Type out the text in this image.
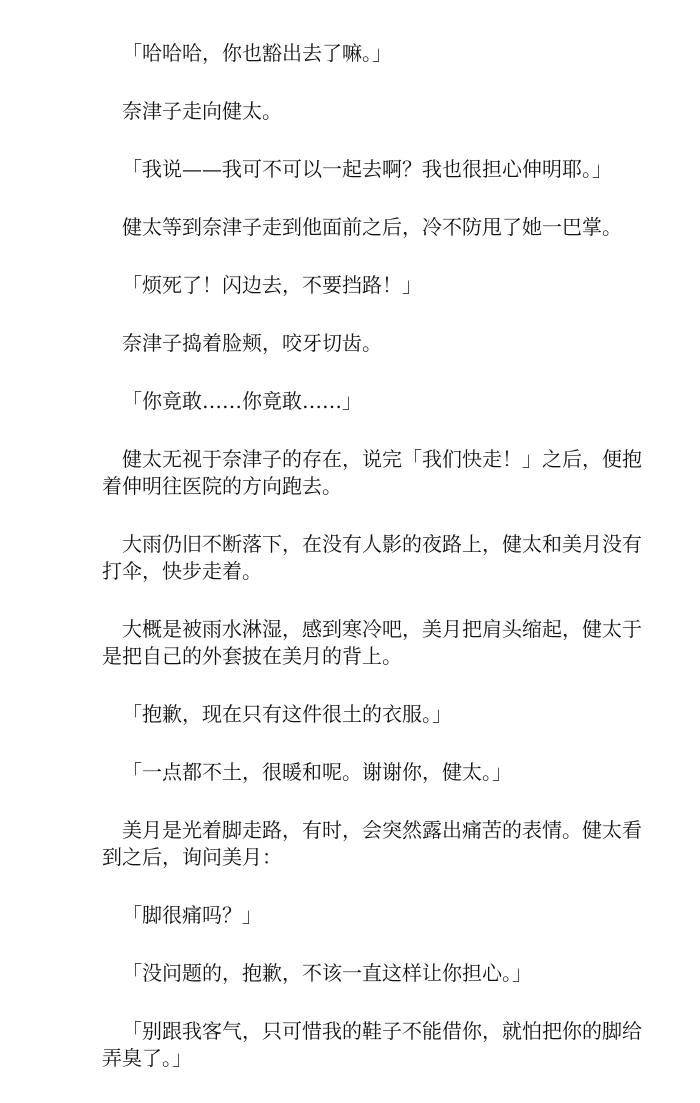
「哈哈哈，你也豁出去了嘛。」

奈津子走向健太。

「我说——我可不可以一起去啊？我也很担心伸明耶。」

健太等到奈津子走到他面前之后，冷不防甩了她一巴掌。

「烦死了！闪边去，不要挡路！」

奈津子捣着脸颊，咬牙切齿。

「你竟敢……你竟敢……」

健太无视于奈津子的存在，说完「我们快走！」之后，便抱着伸明往医院的方向跑去。

大雨仍旧不断落下，在没有人影的夜路上，健太和美月没有打伞，快步走着。

大概是被雨水淋湿，感到寒冷吧，美月把肩头缩起，健太于是把自己的外套披在美月的背上。

「抱歉，现在只有这件很土的衣服。」

「一点都不土，很暖和呢。谢谢你，健太。」

美月是光着脚走路，有时，会突然露出痛苦的表情。健太看到之后，询问美月：

「脚很痛吗？」

「没问题的，抱歉，不该一直这样让你担心。」

「别跟我客气，只可惜我的鞋子不能借你，就怕把你的脚给弄臭了。」
